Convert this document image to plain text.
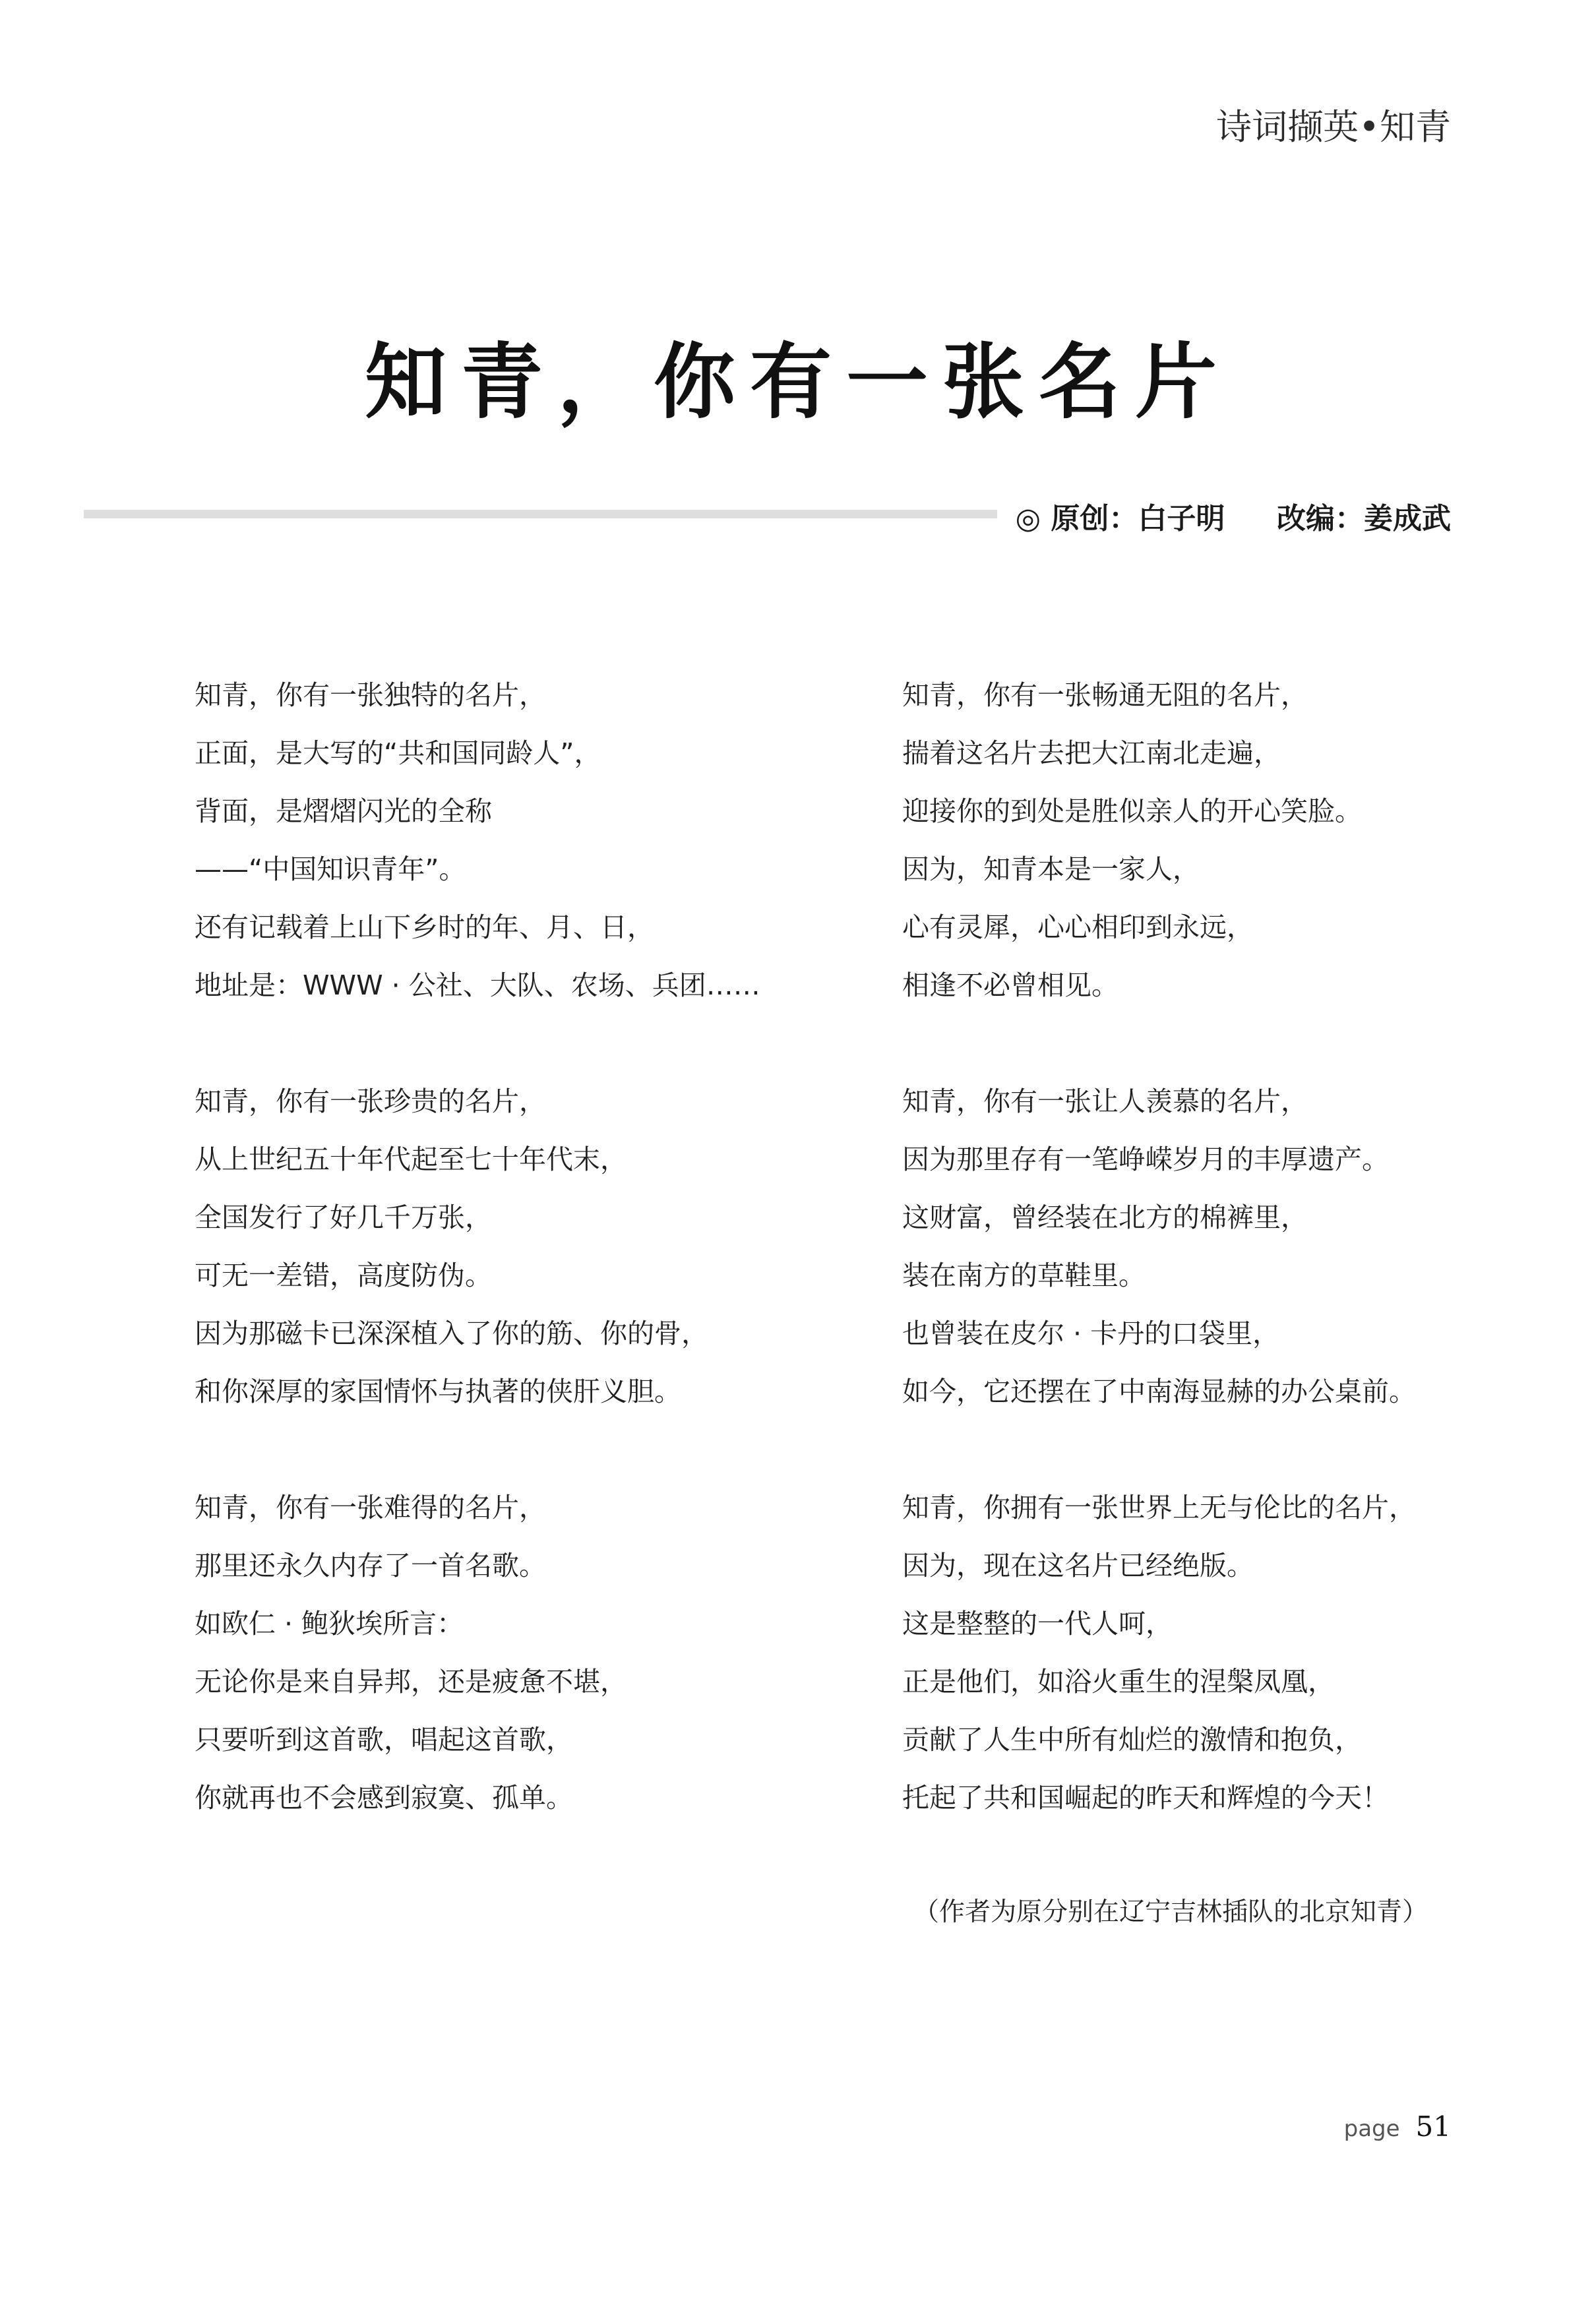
诗词撷英•知青
知青，你有一张名片
◎ 原创：白子明 改编：姜成武
知青，你有一张独特的名片，
正面，是大写的“共和国同龄人”，
背面，是熠熠闪光的全称
——“中国知识青年”。
还有记载着上山下乡时的年、月、日，
地址是：WWW · 公社、大队、农场、兵团……
知青，你有一张珍贵的名片，
从上世纪五十年代起至七十年代末，
全国发行了好几千万张，
可无一差错，高度防伪。
因为那磁卡已深深植入了你的筋、你的骨，
和你深厚的家国情怀与执著的侠肝义胆。
知青，你有一张难得的名片，
那里还永久内存了一首名歌。
如欧仁 · 鲍狄埃所言：
无论你是来自异邦，还是疲惫不堪，
只要听到这首歌，唱起这首歌，
你就再也不会感到寂寞、孤单。
知青，你有一张畅通无阻的名片，
揣着这名片去把大江南北走遍，
迎接你的到处是胜似亲人的开心笑脸。
因为，知青本是一家人，
心有灵犀，心心相印到永远，
相逢不必曾相见。
知青，你有一张让人羡慕的名片，
因为那里存有一笔峥嵘岁月的丰厚遗产。
这财富，曾经装在北方的棉裤里，
装在南方的草鞋里。
也曾装在皮尔 · 卡丹的口袋里，
如今，它还摆在了中南海显赫的办公桌前。
知青，你拥有一张世界上无与伦比的名片，
因为，现在这名片已经绝版。
这是整整的一代人呵，
正是他们，如浴火重生的涅槃凤凰，
贡献了人生中所有灿烂的激情和抱负，
托起了共和国崛起的昨天和辉煌的今天！
（作者为原分别在辽宁吉林插队的北京知青）
page 51
